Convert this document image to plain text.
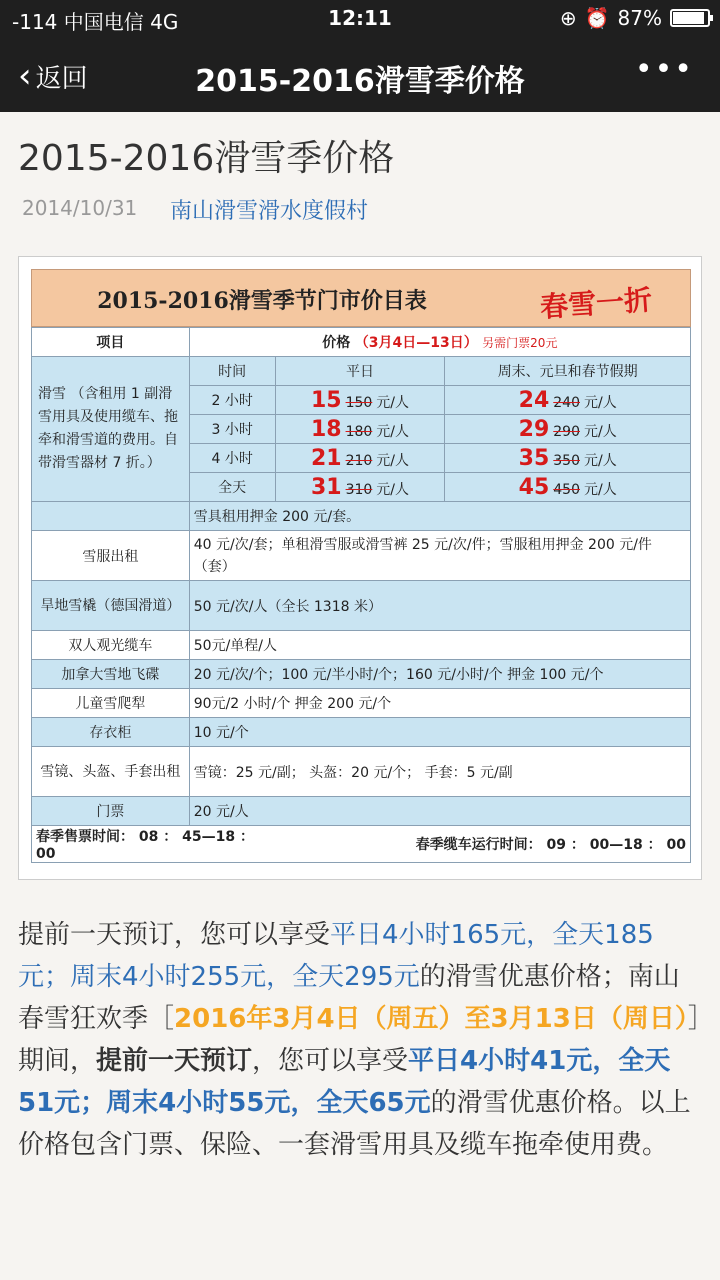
-114 中国电信 4G	12:11	⊕ ⏰ 87%
‹ 返回	2015-2016滑雪季价格	•••
2015-2016滑雪季价格
2014/10/31 南山滑雪滑水度假村
2015-2016滑雪季节门市价目表	春雪一折
项目	价格 （3月4日—13日） 另需门票20元		
滑雪 （含租用 1 副滑雪用具及使用缆车、拖牵和滑雪道的费用。自带滑雪器材 7 折。）	时间	平日	周末、元旦和春节假期
	2 小时	15 150 元/人	24 240 元/人
	3 小时	18 180 元/人	29 290 元/人
	4 小时	21 210 元/人	35 350 元/人
	全天	31 310 元/人	45 450 元/人
	雪具租用押金 200 元/套。		
雪服出租	40 元/次/套；单租滑雪服或滑雪裤 25 元/次/件；雪服租用押金 200 元/件（套）		
旱地雪橇（德国滑道）	50 元/次/人（全长 1318 米）		
双人观光缆车	50元/单程/人		
加拿大雪地飞碟	20 元/次/个；100 元/半小时/个；160 元/小时/个 押金 100 元/个		
儿童雪爬犁	90元/2 小时/个 押金 200 元/个		
存衣柜	10 元/个		
雪镜、头盔、手套出租	雪镜：25 元/副； 头盔：20 元/个； 手套：5 元/副		
门票	20 元/人		
春季售票时间： 08 ： 45—18 ： 00		春季缆车运行时间： 09 ： 00—18 ： 00	
提前一天预订，您可以享受平日4小时165元，全天185元；周末4小时255元，全天295元的滑雪优惠价格；南山春雪狂欢季［2016年3月4日（周五）至3月13日（周日）］期间，提前一天预订，您可以享受平日4小时41元，全天51元；周末4小时55元，全天65元的滑雪优惠价格。以上价格包含门票、保险、一套滑雪用具及缆车拖牵使用费。
